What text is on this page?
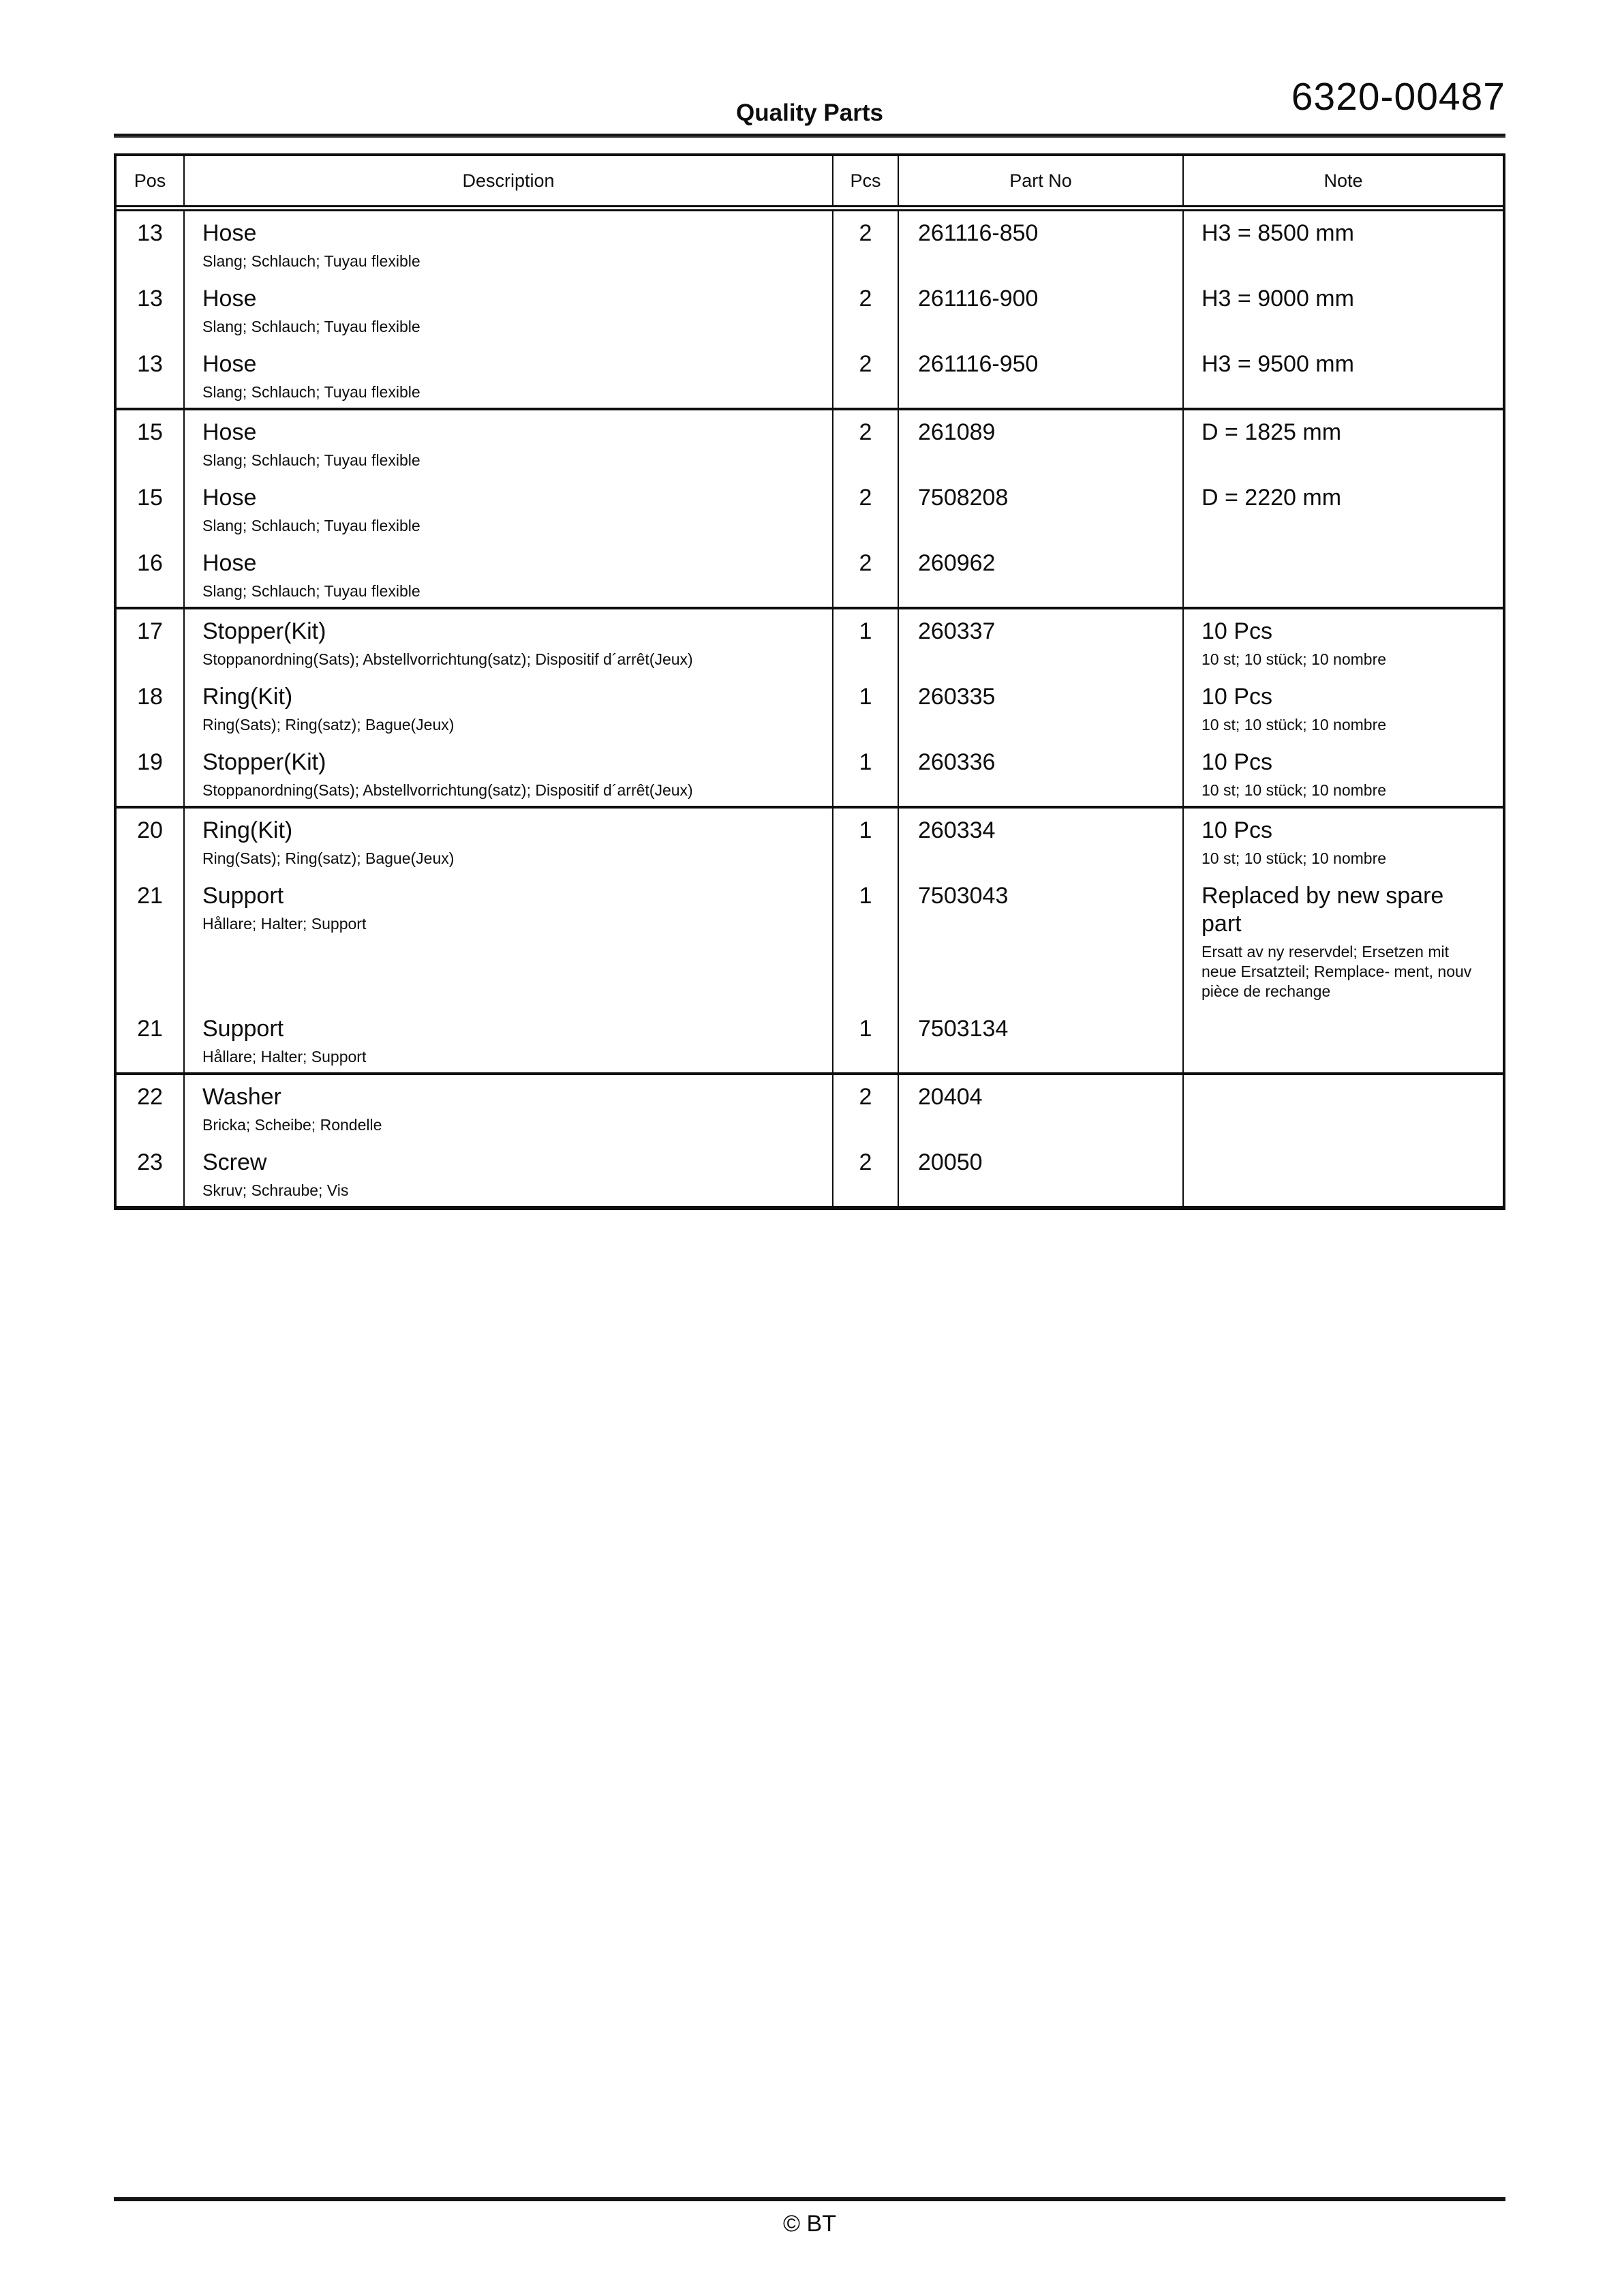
6320-00487
Quality Parts
Pos	Description	Pcs	Part No	Note
13	Hose
Slang; Schlauch; Tuyau flexible
2	261116-850	H3 = 8500 mm
13	Hose
Slang; Schlauch; Tuyau flexible
2	261116-900	H3 = 9000 mm
13	Hose
Slang; Schlauch; Tuyau flexible
2	261116-950	H3 = 9500 mm
15	Hose
Slang; Schlauch; Tuyau flexible
2	261089	D = 1825 mm
15	Hose
Slang; Schlauch; Tuyau flexible
2	7508208	D = 2220 mm
16	Hose
Slang; Schlauch; Tuyau flexible
2	260962
17	Stopper(Kit)
Stoppanordning(Sats); Abstellvorrichtung(satz); Dispositif d´arrêt(Jeux)
1	260337	10 Pcs
10 st; 10 stück; 10 nombre
18	Ring(Kit)
Ring(Sats); Ring(satz); Bague(Jeux)
1	260335	10 Pcs
10 st; 10 stück; 10 nombre
19	Stopper(Kit)
Stoppanordning(Sats); Abstellvorrichtung(satz); Dispositif d´arrêt(Jeux)
1	260336	10 Pcs
10 st; 10 stück; 10 nombre
20	Ring(Kit)
Ring(Sats); Ring(satz); Bague(Jeux)
1	260334	10 Pcs
10 st; 10 stück; 10 nombre
21	Support
Hållare; Halter; Support
1	7503043	Replaced by new spare part
Ersatt av ny reservdel; Ersetzen mit neue Ersatzteil; Remplace- ment, nouv pièce de rechange
21	Support
Hållare; Halter; Support
1	7503134
22	Washer
Bricka; Scheibe; Rondelle
2	20404
23	Screw
Skruv; Schraube; Vis
2	20050
© BT
